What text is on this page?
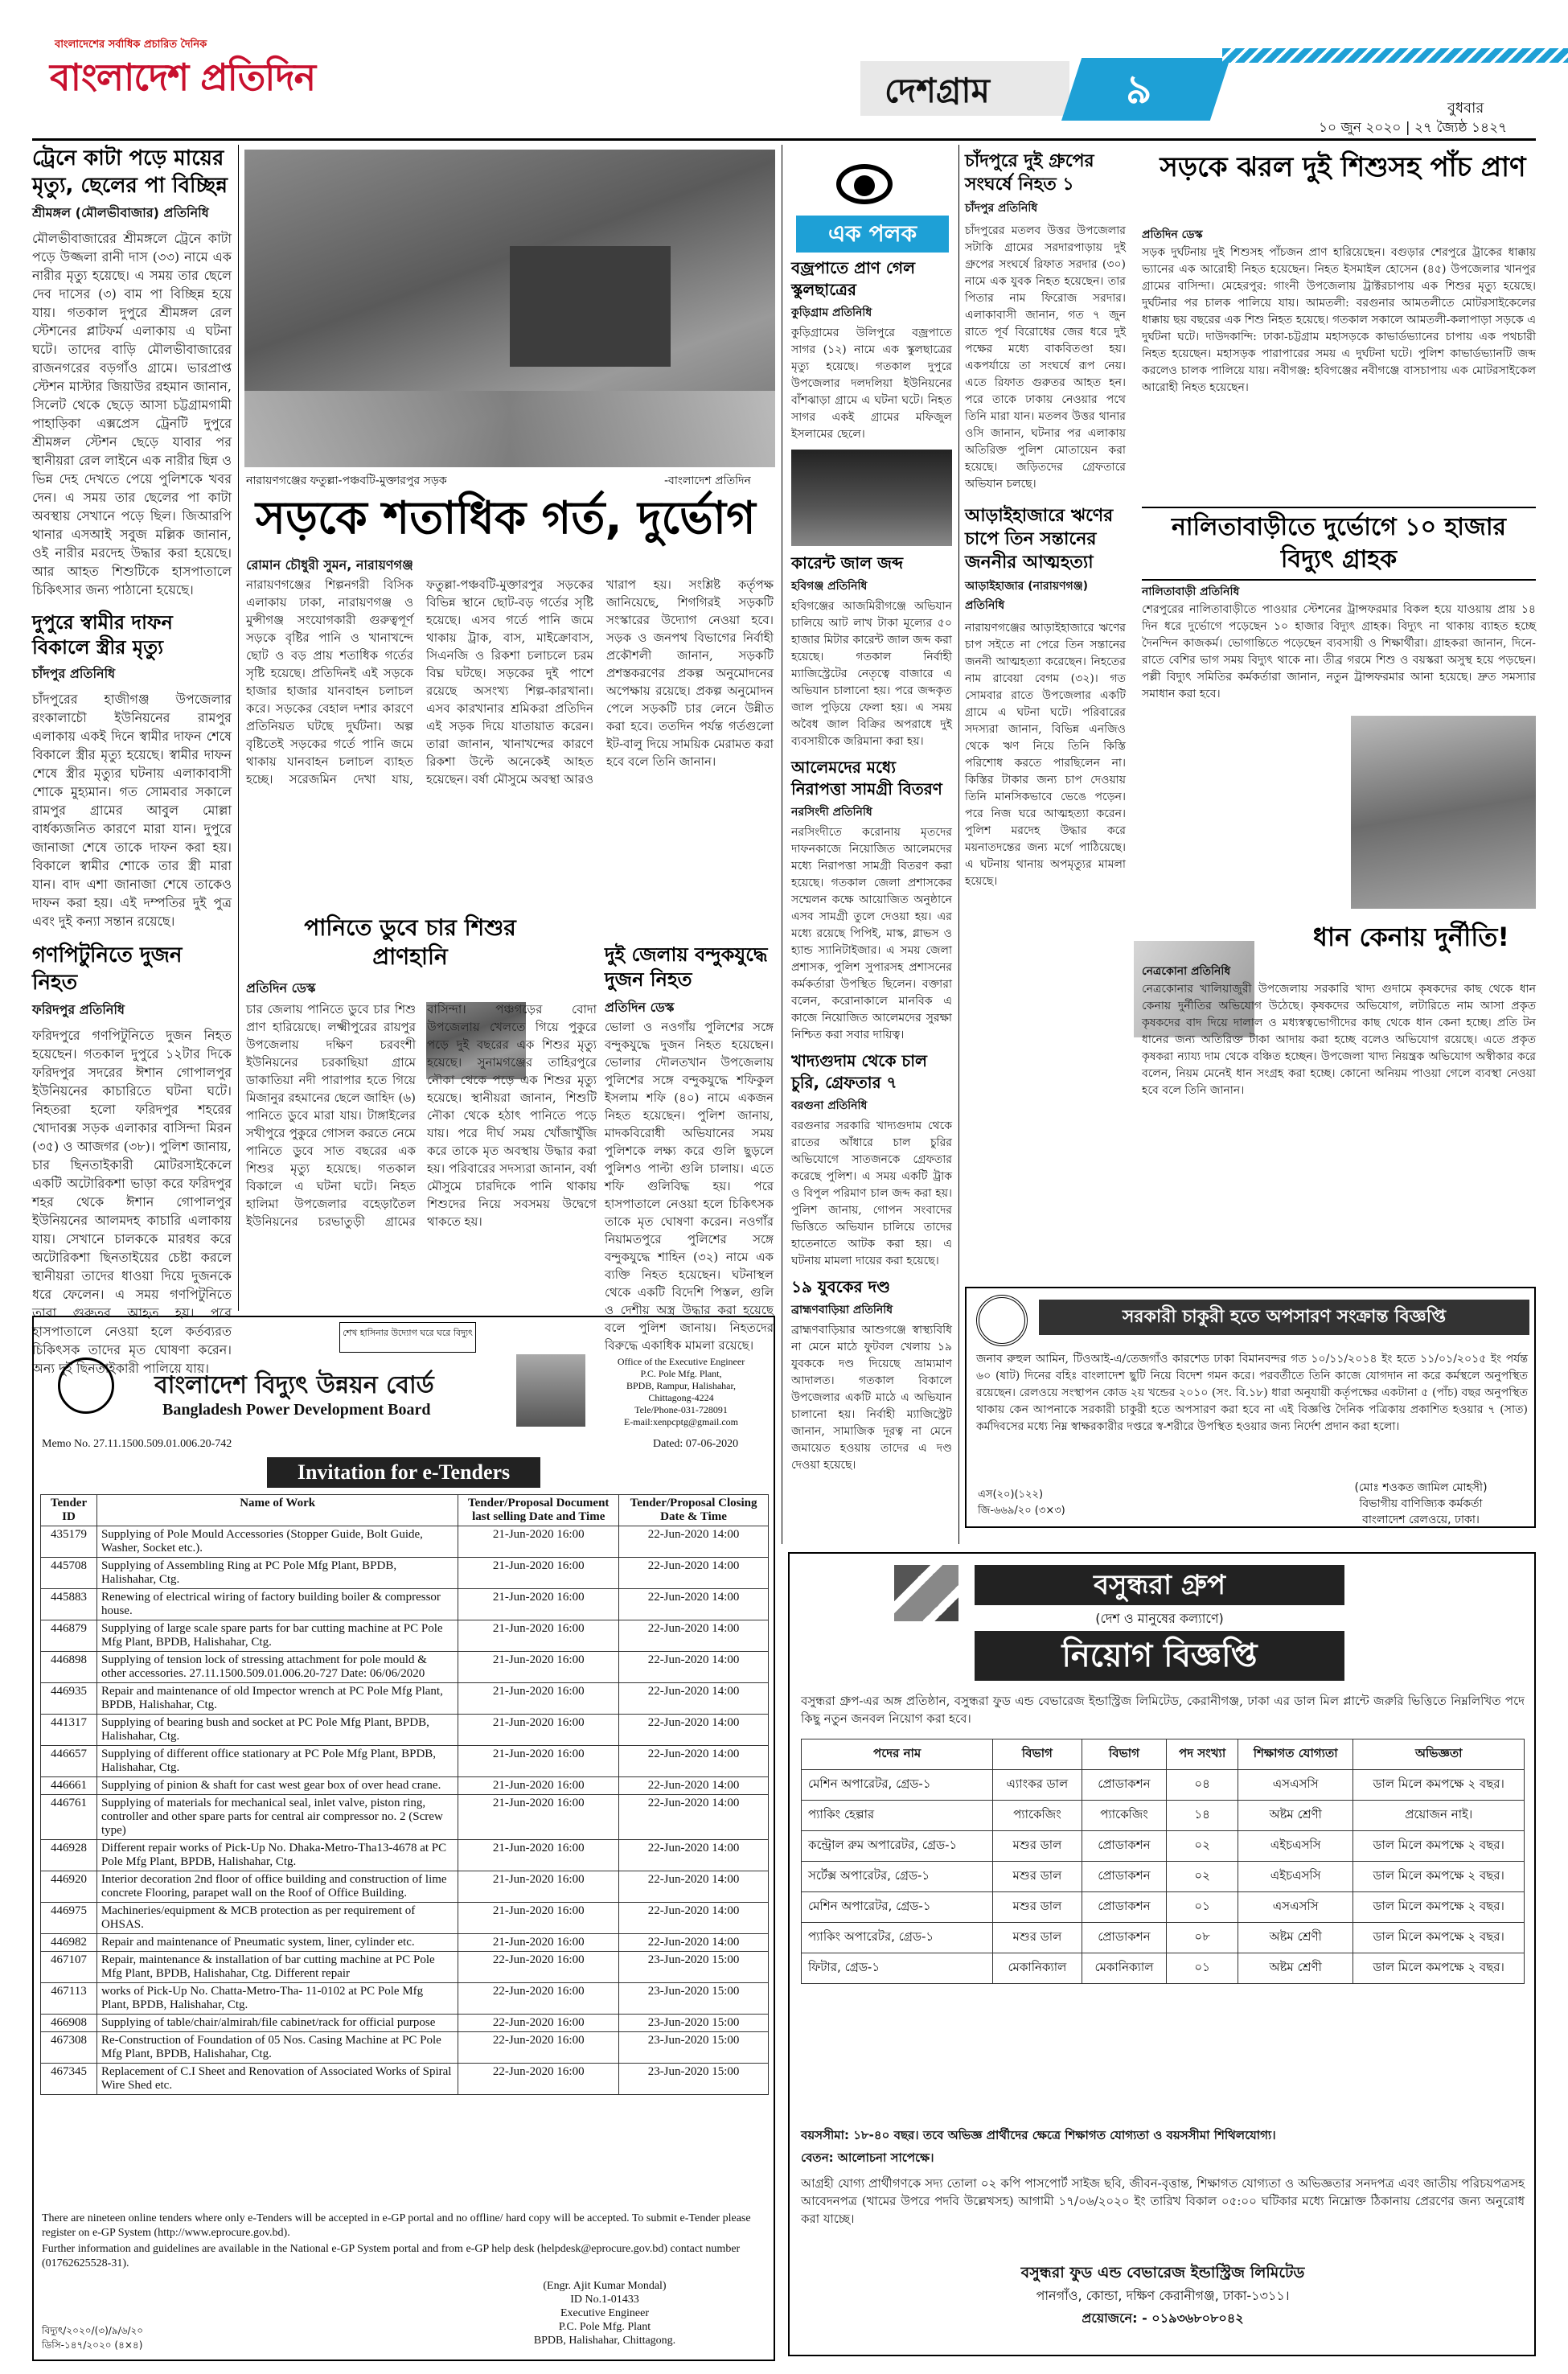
বাংলাদেশের সর্বাধিক প্রচারিত দৈনিক
বাংলাদেশ প্রতিদিন	দেশগ্রাম	৯	বুধবার
১০ জুন ২০২০ | ২৭ জ্যৈষ্ঠ ১৪২৭
ট্রেনে কাটা পড়ে মায়ের মৃত্যু, ছেলের পা বিচ্ছিন্ন
শ্রীমঙ্গল (মৌলভীবাজার) প্রতিনিধি
মৌলভীবাজারের শ্রীমঙ্গলে ট্রেনে কাটা পড়ে উজ্জলা রানী দাস (৩৩) নামে এক নারীর মৃত্যু হয়েছে। এ সময় তার ছেলে দেব দাসের (৩) বাম পা বিচ্ছিন্ন হয়ে যায়। গতকাল দুপুরে শ্রীমঙ্গল রেল স্টেশনের প্লাটফর্ম এলাকায় এ ঘটনা ঘটে। তাদের বাড়ি মৌলভীবাজারের রাজনগরের বড়গাঁও গ্রামে। ভারপ্রাপ্ত স্টেশন মাস্টার জিয়াউর রহমান জানান, সিলেট থেকে ছেড়ে আসা চট্টগ্রামগামী পাহাড়িকা এক্সপ্রেস ট্রেনটি দুপুরে শ্রীমঙ্গল স্টেশন ছেড়ে যাবার পর স্থানীয়রা রেল লাইনে এক নারীর ছিন্ন ও ভিন্ন দেহ দেখতে পেয়ে পুলিশকে খবর দেন। এ সময় তার ছেলের পা কাটা অবস্থায় সেখানে পড়ে ছিল। জিআরপি থানার এসআই সবুজ মল্লিক জানান, ওই নারীর মরদেহ উদ্ধার করা হয়েছে। আর আহত শিশুটিকে হাসপাতালে চিকিৎসার জন্য পাঠানো হয়েছে।
দুপুরে স্বামীর দাফন বিকালে স্ত্রীর মৃত্যু
চাঁদপুর প্রতিনিধি
চাঁদপুরের হাজীগঞ্জ উপজেলার রংকালাচৌ ইউনিয়নের রামপুর এলাকায় একই দিনে স্বামীর দাফন শেষে বিকালে স্ত্রীর মৃত্যু হয়েছে। স্বামীর দাফন শেষে স্ত্রীর মৃত্যুর ঘটনায় এলাকাবাসী শোকে মুহ্যমান। গত সোমবার সকালে রামপুর গ্রামের আবুল মোল্লা বার্ধক্যজনিত কারণে মারা যান। দুপুরে জানাজা শেষে তাকে দাফন করা হয়। বিকালে স্বামীর শোকে তার স্ত্রী মারা যান। বাদ এশা জানাজা শেষে তাকেও দাফন করা হয়। এই দম্পতির দুই পুত্র এবং দুই কন্যা সন্তান রয়েছে।
গণপিটুনিতে দুজন নিহত
ফরিদপুর প্রতিনিধি
ফরিদপুরে গণপিটুনিতে দুজন নিহত হয়েছেন। গতকাল দুপুরে ১২টার দিকে ফরিদপুর সদরের ঈশান গোপালপুর ইউনিয়নের কাচারিতে ঘটনা ঘটে। নিহতরা হলো ফরিদপুর শহরের খোদাবক্স সড়ক এলাকার বাসিন্দা মিরন (৩৫) ও আজগর (৩৮)। পুলিশ জানায়, চার ছিনতাইকারী মোটরসাইকেলে একটি অটোরিকশা ভাড়া করে ফরিদপুর শহর থেকে ঈশান গোপালপুর ইউনিয়নের আলমদহ কাচারি এলাকায় যায়। সেখানে চালককে মারধর করে অটোরিকশা ছিনতাইয়ের চেষ্টা করলে স্থানীয়রা তাদের ধাওয়া দিয়ে দুজনকে ধরে ফেলেন। এ সময় গণপিটুনিতে তারা গুরুতর আহত হয়। পরে হাসপাতালে নেওয়া হলে কর্তব্যরত চিকিৎসক তাদের মৃত ঘোষণা করেন। অন্য দুই ছিনতাইকারী পালিয়ে যায়।
নারায়ণগঞ্জের ফতুল্লা-পঞ্চবটি-মুক্তারপুর সড়ক	-বাংলাদেশ প্রতিদিন
সড়কে শতাধিক গর্ত, দুর্ভোগ
রোমান চৌধুরী সুমন, নারায়ণগঞ্জ
নারায়ণগঞ্জের শিল্পনগরী বিসিক এলাকায় ঢাকা, নারায়ণগঞ্জ ও মুন্সীগঞ্জ সংযোগকারী গুরুত্বপূর্ণ সড়কে বৃষ্টির পানি ও খানাখন্দে ছোট ও বড় প্রায় শতাধিক গর্তের সৃষ্টি হয়েছে। প্রতিদিনই এই সড়কে হাজার হাজার যানবাহন চলাচল করে। সড়কের বেহাল দশার কারণে প্রতিনিয়ত ঘটছে দুর্ঘটনা। অল্প বৃষ্টিতেই সড়কের গর্তে পানি জমে থাকায় যানবাহন চলাচল ব্যাহত হচ্ছে। সরেজমিন দেখা যায়, ফতুল্লা-পঞ্চবটি-মুক্তারপুর সড়কের বিভিন্ন স্থানে ছোট-বড় গর্তের সৃষ্টি হয়েছে। এসব গর্তে পানি জমে থাকায় ট্রাক, বাস, মাইক্রোবাস, সিএনজি ও রিকশা চলাচলে চরম বিঘ্ন ঘটছে। সড়কের দুই পাশে রয়েছে অসংখ্য শিল্প-কারখানা। এসব কারখানার শ্রমিকরা প্রতিদিন এই সড়ক দিয়ে যাতায়াত করেন। তারা জানান, খানাখন্দের কারণে রিকশা উল্টে অনেকেই আহত হয়েছেন। বর্ষা মৌসুমে অবস্থা আরও খারাপ হয়। সংশ্লিষ্ট কর্তৃপক্ষ জানিয়েছে, শিগগিরই সড়কটি সংস্কারের উদ্যোগ নেওয়া হবে। সড়ক ও জনপথ বিভাগের নির্বাহী প্রকৌশলী জানান, সড়কটি প্রশস্তকরণের প্রকল্প অনুমোদনের অপেক্ষায় রয়েছে। প্রকল্প অনুমোদন পেলে সড়কটি চার লেনে উন্নীত করা হবে। ততদিন পর্যন্ত গর্তগুলো ইট-বালু দিয়ে সাময়িক মেরামত করা হবে বলে তিনি জানান।
পানিতে ডুবে চার শিশুর প্রাণহানি
প্রতিদিন ডেস্ক
চার জেলায় পানিতে ডুবে চার শিশু প্রাণ হারিয়েছে। লক্ষ্মীপুরের রায়পুর উপজেলায় দক্ষিণ চরবংশী ইউনিয়নের চরকাছিয়া গ্রামে ডাকাতিয়া নদী পারাপার হতে গিয়ে মিজানুর রহমানের ছেলে জাহিদ (৬) পানিতে ডুবে মারা যায়। টাঙ্গাইলের সখীপুরে পুকুরে গোসল করতে নেমে পানিতে ডুবে সাত বছরের এক শিশুর মৃত্যু হয়েছে। গতকাল বিকালে এ ঘটনা ঘটে। নিহত হালিমা উপজেলার বহেড়াতৈল ইউনিয়নের চরভাতুড়ী গ্রামের বাসিন্দা। পঞ্চগড়ের বোদা উপজেলায় খেলতে গিয়ে পুকুরে পড়ে দুই বছরের এক শিশুর মৃত্যু হয়েছে। সুনামগঞ্জের তাহিরপুরে নৌকা থেকে পড়ে এক শিশুর মৃত্যু হয়েছে। স্থানীয়রা জানান, শিশুটি নৌকা থেকে হঠাৎ পানিতে পড়ে যায়। পরে দীর্ঘ সময় খোঁজাখুঁজি করে তাকে মৃত অবস্থায় উদ্ধার করা হয়। পরিবারের সদস্যরা জানান, বর্ষা মৌসুমে চারদিকে পানি থাকায় শিশুদের নিয়ে সবসময় উদ্বেগে থাকতে হয়।
দুই জেলায় বন্দুকযুদ্ধে দুজন নিহত
প্রতিদিন ডেস্ক
ভোলা ও নওগাঁয় পুলিশের সঙ্গে বন্দুকযুদ্ধে দুজন নিহত হয়েছেন। ভোলার দৌলতখান উপজেলায় পুলিশের সঙ্গে বন্দুকযুদ্ধে শফিকুল ইসলাম শফি (৪০) নামে একজন নিহত হয়েছেন। পুলিশ জানায়, মাদকবিরোধী অভিযানের সময় পুলিশকে লক্ষ্য করে গুলি ছুড়লে পুলিশও পাল্টা গুলি চালায়। এতে শফি গুলিবিদ্ধ হয়। পরে হাসপাতালে নেওয়া হলে চিকিৎসক তাকে মৃত ঘোষণা করেন। নওগাঁর নিয়ামতপুরে পুলিশের সঙ্গে বন্দুকযুদ্ধে শাহিন (৩২) নামে এক ব্যক্তি নিহত হয়েছেন। ঘটনাস্থল থেকে একটি বিদেশি পিস্তল, গুলি ও দেশীয় অস্ত্র উদ্ধার করা হয়েছে বলে পুলিশ জানায়। নিহতদের বিরুদ্ধে একাধিক মামলা রয়েছে।
এক পলক
বজ্রপাতে প্রাণ গেল স্কুলছাত্রের
কুড়িগ্রাম প্রতিনিধি
কুড়িগ্রামের উলিপুরে বজ্রপাতে সাগর (১২) নামে এক স্কুলছাত্রের মৃত্যু হয়েছে। গতকাল দুপুরে উপজেলার দলদলিয়া ইউনিয়নের বাঁশঝাড়া গ্রামে এ ঘটনা ঘটে। নিহত সাগর একই গ্রামের মফিজুল ইসলামের ছেলে।
কারেন্ট জাল জব্দ
হবিগঞ্জ প্রতিনিধি
হবিগঞ্জের আজমিরীগঞ্জে অভিযান চালিয়ে আট লাখ টাকা মূল্যের ৫০ হাজার মিটার কারেন্ট জাল জব্দ করা হয়েছে। গতকাল নির্বাহী ম্যাজিস্ট্রেটের নেতৃত্বে বাজারে এ অভিযান চালানো হয়। পরে জব্দকৃত জাল পুড়িয়ে ফেলা হয়। এ সময় অবৈধ জাল বিক্রির অপরাধে দুই ব্যবসায়ীকে জরিমানা করা হয়।
আলেমদের মধ্যে নিরাপত্তা সামগ্রী বিতরণ
নরসিংদী প্রতিনিধি
নরসিংদীতে করোনায় মৃতদের দাফনকাজে নিয়োজিত আলেমদের মধ্যে নিরাপত্তা সামগ্রী বিতরণ করা হয়েছে। গতকাল জেলা প্রশাসকের সম্মেলন কক্ষে আয়োজিত অনুষ্ঠানে এসব সামগ্রী তুলে দেওয়া হয়। এর মধ্যে রয়েছে পিপিই, মাস্ক, গ্লাভস ও হ্যান্ড স্যানিটাইজার। এ সময় জেলা প্রশাসক, পুলিশ সুপারসহ প্রশাসনের কর্মকর্তারা উপস্থিত ছিলেন। বক্তারা বলেন, করোনাকালে মানবিক এ কাজে নিয়োজিত আলেমদের সুরক্ষা নিশ্চিত করা সবার দায়িত্ব।
খাদ্যগুদাম থেকে চাল চুরি, গ্রেফতার ৭
বরগুনা প্রতিনিধি
বরগুনার সরকারি খাদ্যগুদাম থেকে রাতের আঁধারে চাল চুরির অভিযোগে সাতজনকে গ্রেফতার করেছে পুলিশ। এ সময় একটি ট্রাক ও বিপুল পরিমাণ চাল জব্দ করা হয়। পুলিশ জানায়, গোপন সংবাদের ভিত্তিতে অভিযান চালিয়ে তাদের হাতেনাতে আটক করা হয়। এ ঘটনায় মামলা দায়ের করা হয়েছে।
১৯ যুবকের দণ্ড
ব্রাহ্মণবাড়িয়া প্রতিনিধি
ব্রাহ্মণবাড়িয়ার আশুগঞ্জে স্বাস্থ্যবিধি না মেনে মাঠে ফুটবল খেলায় ১৯ যুবককে দণ্ড দিয়েছে ভ্রাম্যমাণ আদালত। গতকাল বিকালে উপজেলার একটি মাঠে এ অভিযান চালানো হয়। নির্বাহী ম্যাজিস্ট্রেট জানান, সামাজিক দূরত্ব না মেনে জমায়েত হওয়ায় তাদের এ দণ্ড দেওয়া হয়েছে।
চাঁদপুরে দুই গ্রুপের সংঘর্ষে নিহত ১
চাঁদপুর প্রতিনিধি
চাঁদপুরের মতলব উত্তর উপজেলার সটাকি গ্রামের সরদারপাড়ায় দুই গ্রুপের সংঘর্ষে রিফাত সরদার (৩০) নামে এক যুবক নিহত হয়েছেন। তার পিতার নাম ফিরোজ সরদার। এলাকাবাসী জানান, গত ৭ জুন রাতে পূর্ব বিরোধের জের ধরে দুই পক্ষের মধ্যে বাকবিতণ্ডা হয়। একপর্যায়ে তা সংঘর্ষে রূপ নেয়। এতে রিফাত গুরুতর আহত হন। পরে তাকে ঢাকায় নেওয়ার পথে তিনি মারা যান। মতলব উত্তর থানার ওসি জানান, ঘটনার পর এলাকায় অতিরিক্ত পুলিশ মোতায়েন করা হয়েছে। জড়িতদের গ্রেফতারে অভিযান চলছে।
আড়াইহাজারে ঋণের চাপে তিন সন্তানের জননীর আত্মহত্যা
আড়াইহাজার (নারায়ণগঞ্জ) প্রতিনিধি
নারায়ণগঞ্জের আড়াইহাজারে ঋণের চাপ সইতে না পেরে তিন সন্তানের জননী আত্মহত্যা করেছেন। নিহতের নাম রাবেয়া বেগম (৩২)। গত সোমবার রাতে উপজেলার একটি গ্রামে এ ঘটনা ঘটে। পরিবারের সদস্যরা জানান, বিভিন্ন এনজিও থেকে ঋণ নিয়ে তিনি কিস্তি পরিশোধ করতে পারছিলেন না। কিস্তির টাকার জন্য চাপ দেওয়ায় তিনি মানসিকভাবে ভেঙে পড়েন। পরে নিজ ঘরে আত্মহত্যা করেন। পুলিশ মরদেহ উদ্ধার করে ময়নাতদন্তের জন্য মর্গে পাঠিয়েছে। এ ঘটনায় থানায় অপমৃত্যুর মামলা হয়েছে।
সড়কে ঝরল দুই শিশুসহ পাঁচ প্রাণ
প্রতিদিন ডেস্ক
সড়ক দুর্ঘটনায় দুই শিশুসহ পাঁচজন প্রাণ হারিয়েছেন। বগুড়ার শেরপুরে ট্রাকের ধাক্কায় ভ্যানের এক আরোহী নিহত হয়েছেন। নিহত ইসমাইল হোসেন (৪৫) উপজেলার খানপুর গ্রামের বাসিন্দা। মেহেরপুর: গাংনী উপজেলায় ট্রাক্টরচাপায় এক শিশুর মৃত্যু হয়েছে। দুর্ঘটনার পর চালক পালিয়ে যায়। আমতলী: বরগুনার আমতলীতে মোটরসাইকেলের ধাক্কায় ছয় বছরের এক শিশু নিহত হয়েছে। গতকাল সকালে আমতলী-কলাপাড়া সড়কে এ দুর্ঘটনা ঘটে। দাউদকান্দি: ঢাকা-চট্টগ্রাম মহাসড়কে কাভার্ডভ্যানের চাপায় এক পথচারী নিহত হয়েছেন। মহাসড়ক পারাপারের সময় এ দুর্ঘটনা ঘটে। পুলিশ কাভার্ডভ্যানটি জব্দ করলেও চালক পালিয়ে যায়। নবীগঞ্জ: হবিগঞ্জের নবীগঞ্জে বাসচাপায় এক মোটরসাইকেল আরোহী নিহত হয়েছেন।
নালিতাবাড়ীতে দুর্ভোগে ১০ হাজার বিদ্যুৎ গ্রাহক
নালিতাবাড়ী প্রতিনিধি
শেরপুরের নালিতাবাড়ীতে পাওয়ার স্টেশনের ট্রান্সফরমার বিকল হয়ে যাওয়ায় প্রায় ১৪ দিন ধরে দুর্ভোগে পড়েছেন ১০ হাজার বিদ্যুৎ গ্রাহক। বিদ্যুৎ না থাকায় ব্যাহত হচ্ছে দৈনন্দিন কাজকর্ম। ভোগান্তিতে পড়েছেন ব্যবসায়ী ও শিক্ষার্থীরা। গ্রাহকরা জানান, দিনে-রাতে বেশির ভাগ সময় বিদ্যুৎ থাকে না। তীব্র গরমে শিশু ও বয়স্করা অসুস্থ হয়ে পড়ছেন। পল্লী বিদ্যুৎ সমিতির কর্মকর্তারা জানান, নতুন ট্রান্সফরমার আনা হয়েছে। দ্রুত সমস্যার সমাধান করা হবে।
ধান কেনায় দুর্নীতি!
নেত্রকোনা প্রতিনিধি
নেত্রকোনার খালিয়াজুরী উপজেলায় সরকারি খাদ্য গুদামে কৃষকদের কাছ থেকে ধান কেনায় দুর্নীতির অভিযোগ উঠেছে। কৃষকদের অভিযোগ, লটারিতে নাম আসা প্রকৃত কৃষকদের বাদ দিয়ে দালাল ও মধ্যস্বত্বভোগীদের কাছ থেকে ধান কেনা হচ্ছে। প্রতি টন ধানের জন্য অতিরিক্ত টাকা আদায় করা হচ্ছে বলেও অভিযোগ রয়েছে। এতে প্রকৃত কৃষকরা ন্যায্য দাম থেকে বঞ্চিত হচ্ছেন। উপজেলা খাদ্য নিয়ন্ত্রক অভিযোগ অস্বীকার করে বলেন, নিয়ম মেনেই ধান সংগ্রহ করা হচ্ছে। কোনো অনিয়ম পাওয়া গেলে ব্যবস্থা নেওয়া হবে বলে তিনি জানান।
সরকারী চাকুরী হতে অপসারণ সংক্রান্ত বিজ্ঞপ্তি
জনাব রুহুল আমিন, টিওআই-এ/তেজগাঁও কারশেড ঢাকা বিমানবন্দর গত ১০/১১/২০১৪ ইং হতে ১১/০১/২০১৫ ইং পর্যন্ত ৬০ (ষাট) দিনের বহিঃ বাংলাদেশ ছুটি নিয়ে বিদেশ গমন করে। পরবর্তীতে তিনি কাজে যোগদান না করে কর্মস্থলে অনুপস্থিত রয়েছেন। রেলওয়ে সংস্থাপন কোড ২য় খন্ডের ২০১০ (সং. বি.১৮) ধারা অনুযায়ী কর্তৃপক্ষের একটানা ৫ (পাঁচ) বছর অনুপস্থিত থাকায় কেন আপনাকে সরকারী চাকুরী হতে অপসারণ করা হবে না এই বিজ্ঞপ্তি দৈনিক পত্রিকায় প্রকাশিত হওয়ার ৭ (সাত) কর্মদিবসের মধ্যে নিম্ন স্বাক্ষরকারীর দপ্তরে স্ব-শরীরে উপস্থিত হওয়ার জন্য নির্দেশ প্রদান করা হলো।
এস(২০)(১২২)
জি-৬৬৯/২০ (৩×৩)
(মোঃ শওকত জামিল মোহসী)
বিভাগীয় বাণিজ্যিক কর্মকর্তা
বাংলাদেশ রেলওয়ে, ঢাকা।
শেখ হাসিনার উদ্যোগ ঘরে ঘরে বিদ্যুৎ
বাংলাদেশ বিদ্যুৎ উন্নয়ন বোর্ড
Bangladesh Power Development Board
Office of the Executive Engineer
P.C. Pole Mfg. Plant,
BPDB, Rampur, Halishahar,
Chittagong-4224
Tele/Phone-031-728091
E-mail:xenpcptg@gmail.com
Memo No. 27.11.1500.509.01.006.20-742	Dated: 07-06-2020
Invitation for e-Tenders
Tender ID	Name of Work	Tender/Proposal Document last selling Date and Time	Tender/Proposal Closing Date & Time
435179	Supplying of Pole Mould Accessories (Stopper Guide, Bolt Guide, Washer, Socket etc.).	21-Jun-2020 16:00	22-Jun-2020 14:00
445708	Supplying of Assembling Ring at PC Pole Mfg Plant, BPDB, Halishahar, Ctg.	21-Jun-2020 16:00	22-Jun-2020 14:00
445883	Renewing of electrical wiring of factory building boiler & compressor house.	21-Jun-2020 16:00	22-Jun-2020 14:00
446879	Supplying of large scale spare parts for bar cutting machine at PC Pole Mfg Plant, BPDB, Halishahar, Ctg.	21-Jun-2020 16:00	22-Jun-2020 14:00
446898	Supplying of tension lock of stressing attachment for pole mould & other accessories. 27.11.1500.509.01.006.20-727 Date: 06/06/2020	21-Jun-2020 16:00	22-Jun-2020 14:00
446935	Repair and maintenance of old Impector wrench at PC Pole Mfg Plant, BPDB, Halishahar, Ctg.	21-Jun-2020 16:00	22-Jun-2020 14:00
441317	Supplying of bearing bush and socket at PC Pole Mfg Plant, BPDB, Halishahar, Ctg.	21-Jun-2020 16:00	22-Jun-2020 14:00
446657	Supplying of different office stationary at PC Pole Mfg Plant, BPDB, Halishahar, Ctg.	21-Jun-2020 16:00	22-Jun-2020 14:00
446661	Supplying of pinion & shaft for cast west gear box of over head crane.	21-Jun-2020 16:00	22-Jun-2020 14:00
446761	Supplying of materials for mechanical seal, inlet valve, piston ring, controller and other spare parts for central air compressor no. 2 (Screw type)	21-Jun-2020 16:00	22-Jun-2020 14:00
446928	Different repair works of Pick-Up No. Dhaka-Metro-Tha13-4678 at PC Pole Mfg Plant, BPDB, Halishahar, Ctg.	21-Jun-2020 16:00	22-Jun-2020 14:00
446920	Interior decoration 2nd floor of office building and construction of lime concrete Flooring, parapet wall on the Roof of Office Building.	21-Jun-2020 16:00	22-Jun-2020 14:00
446975	Machineries/equipment & MCB protection as per requirement of OHSAS.	21-Jun-2020 16:00	22-Jun-2020 14:00
446982	Repair and maintenance of Pneumatic system, liner, cylinder etc.	21-Jun-2020 16:00	22-Jun-2020 14:00
467107	Repair, maintenance & installation of bar cutting machine at PC Pole Mfg Plant, BPDB, Halishahar, Ctg. Different repair	22-Jun-2020 16:00	23-Jun-2020 15:00
467113	works of Pick-Up No. Chatta-Metro-Tha- 11-0102 at PC Pole Mfg Plant, BPDB, Halishahar, Ctg.	22-Jun-2020 16:00	23-Jun-2020 15:00
466908	Supplying of table/chair/almirah/file cabinet/rack for official purpose	22-Jun-2020 16:00	23-Jun-2020 15:00
467308	Re-Construction of Foundation of 05 Nos. Casing Machine at PC Pole Mfg Plant, BPDB, Halishahar, Ctg.	22-Jun-2020 16:00	23-Jun-2020 15:00
467345	Replacement of C.I Sheet and Renovation of Associated Works of Spiral Wire Shed etc.	22-Jun-2020 16:00	23-Jun-2020 15:00
There are nineteen online tenders where only e-Tenders will be accepted in e-GP portal and no offline/ hard copy will be accepted. To submit e-Tender please register on e-GP System (http://www.eprocure.gov.bd).
Further information and guidelines are available in the National e-GP System portal and from e-GP help desk (helpdesk@eprocure.gov.bd) contact number (01762625528-31).
(Engr. Ajit Kumar Mondal)
ID No.1-01433
Executive Engineer
P.C. Pole Mfg. Plant
BPDB, Halishahar, Chittagong.
বিদ্যুৎ/২০২০/(৩)/৯/৬/২০
ডিসি-১৪৭/২০২০ (৪×৪)
বসুন্ধরা গ্রুপ
(দেশ ও মানুষের কল্যাণে)
নিয়োগ বিজ্ঞপ্তি
বসুন্ধরা গ্রুপ-এর অঙ্গ প্রতিষ্ঠান, বসুন্ধরা ফুড এন্ড বেভারেজ ইন্ডাস্ট্রিজ লিমিটেড, কেরানীগঞ্জ, ঢাকা এর ডাল মিল প্লান্টে জরুরি ভিত্তিতে নিম্নলিখিত পদে কিছু নতুন জনবল নিয়োগ করা হবে।
পদের নাম	বিভাগ	বিভাগ	পদ সংখ্যা	শিক্ষাগত যোগ্যতা	অভিজ্ঞতা
মেশিন অপারেটর, গ্রেড-১	এ্যাংকর ডাল	প্রোডাকশন	০৪	এসএসসি	ডাল মিলে কমপক্ষে ২ বছর।
প্যাকিং হেল্পার	প্যাকেজিং	প্যাকেজিং	১৪	অষ্টম শ্রেণী	প্রয়োজন নাই।
কন্ট্রোল রুম অপারেটর, গ্রেড-১	মশুর ডাল	প্রোডাকশন	০২	এইচএসসি	ডাল মিলে কমপক্ষে ২ বছর।
সর্টেক্স অপারেটর, গ্রেড-১	মশুর ডাল	প্রোডাকশন	০২	এইচএসসি	ডাল মিলে কমপক্ষে ২ বছর।
মেশিন অপারেটর, গ্রেড-১	মশুর ডাল	প্রোডাকশন	০১	এসএসসি	ডাল মিলে কমপক্ষে ২ বছর।
প্যাকিং অপারেটর, গ্রেড-১	মশুর ডাল	প্রোডাকশন	০৮	অষ্টম শ্রেণী	ডাল মিলে কমপক্ষে ২ বছর।
ফিটার, গ্রেড-১	মেকানিক্যাল	মেকানিক্যাল	০১	অষ্টম শ্রেণী	ডাল মিলে কমপক্ষে ২ বছর।
বয়সসীমা: ১৮-৪০ বছর। তবে অভিজ্ঞ প্রার্থীদের ক্ষেত্রে শিক্ষাগত যোগ্যতা ও বয়সসীমা শিথিলযোগ্য।
বেতন: আলোচনা সাপেক্ষে।
আগ্রহী যোগ্য প্রার্থীগণকে সদ্য তোলা ০২ কপি পাসপোর্ট সাইজ ছবি, জীবন-বৃত্তান্ত, শিক্ষাগত যোগ্যতা ও অভিজ্ঞতার সনদপত্র এবং জাতীয় পরিচয়পত্রসহ আবেদনপত্র (খামের উপরে পদবি উল্লেখসহ) আগামী ১৭/০৬/২০২০ ইং তারিখ বিকাল ০৫:০০ ঘটিকার মধ্যে নিম্নোক্ত ঠিকানায় প্রেরণের জন্য অনুরোধ করা যাচ্ছে।
বসুন্ধরা ফুড এন্ড বেভারেজ ইন্ডাস্ট্রিজ লিমিটেড
পানগাঁও, কোন্ডা, দক্ষিণ কেরানীগঞ্জ, ঢাকা-১৩১১।
প্রয়োজনে: - ০১৯৩৬৮০৮০৪২
